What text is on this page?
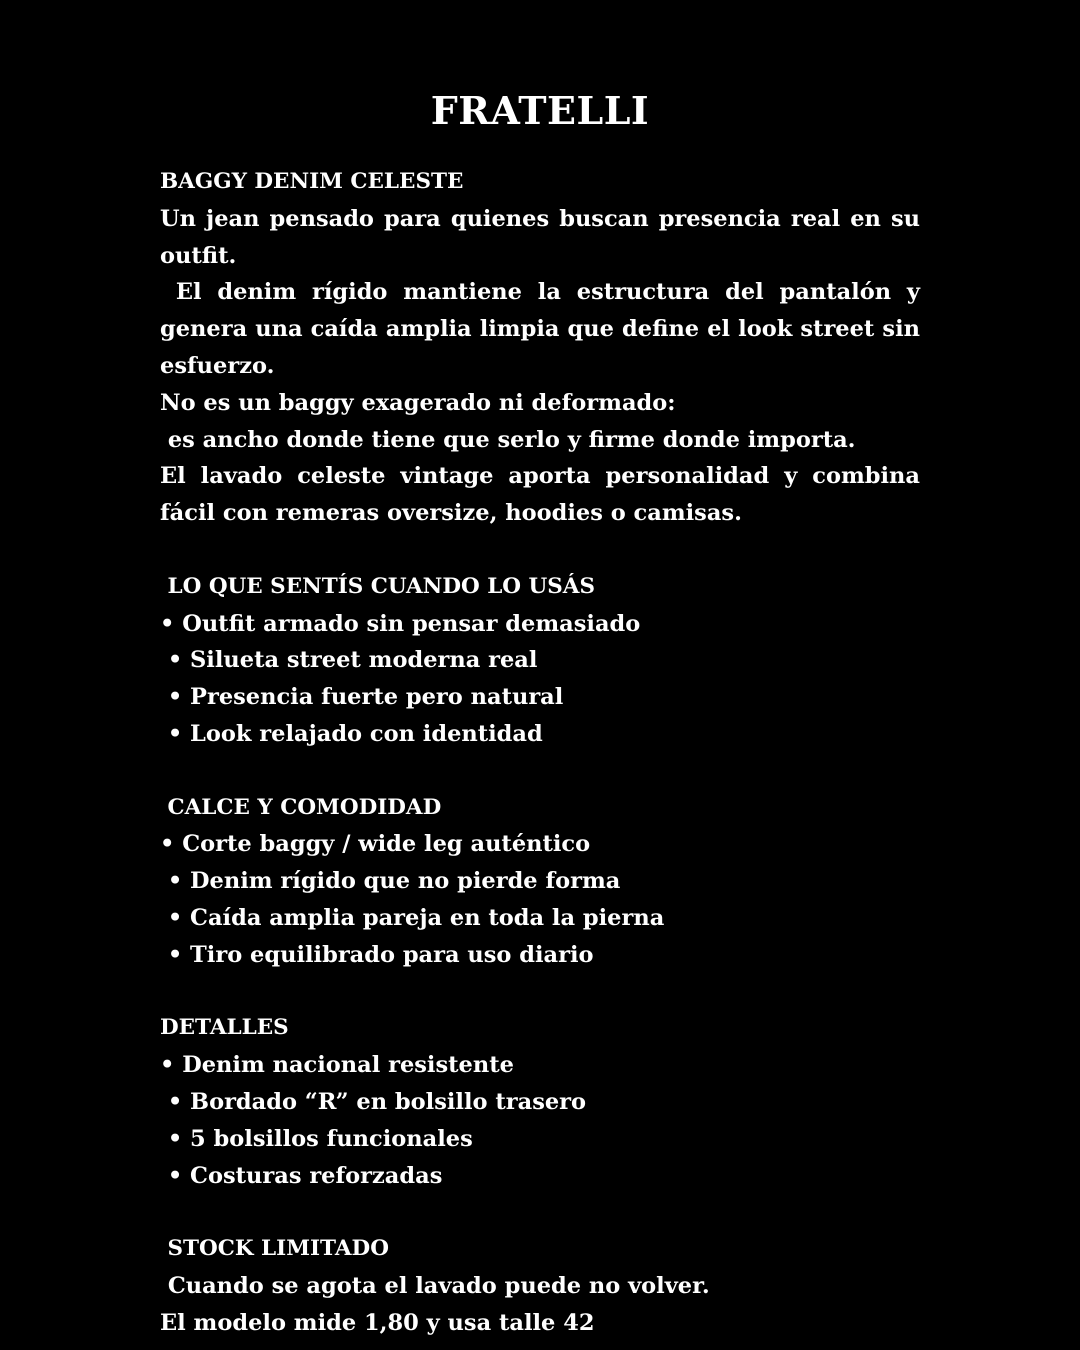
FRATELLI
BAGGY DENIM CELESTE
Un jean pensado para quienes buscan presencia real en su outfit.
El denim rígido mantiene la estructura del pantalón y genera una caída amplia limpia que define el look street sin esfuerzo.
No es un baggy exagerado ni deformado:
es ancho donde tiene que serlo y firme donde importa.
El lavado celeste vintage aporta personalidad y combina fácil con remeras oversize, hoodies o camisas.
LO QUE SENTÍS CUANDO LO USÁS
• Outfit armado sin pensar demasiado
• Silueta street moderna real
• Presencia fuerte pero natural
• Look relajado con identidad
CALCE Y COMODIDAD
• Corte baggy / wide leg auténtico
• Denim rígido que no pierde forma
• Caída amplia pareja en toda la pierna
• Tiro equilibrado para uso diario
DETALLES
• Denim nacional resistente
• Bordado “R” en bolsillo trasero
• 5 bolsillos funcionales
• Costuras reforzadas
STOCK LIMITADO
Cuando se agota el lavado puede no volver.
El modelo mide 1,80 y usa talle 42
